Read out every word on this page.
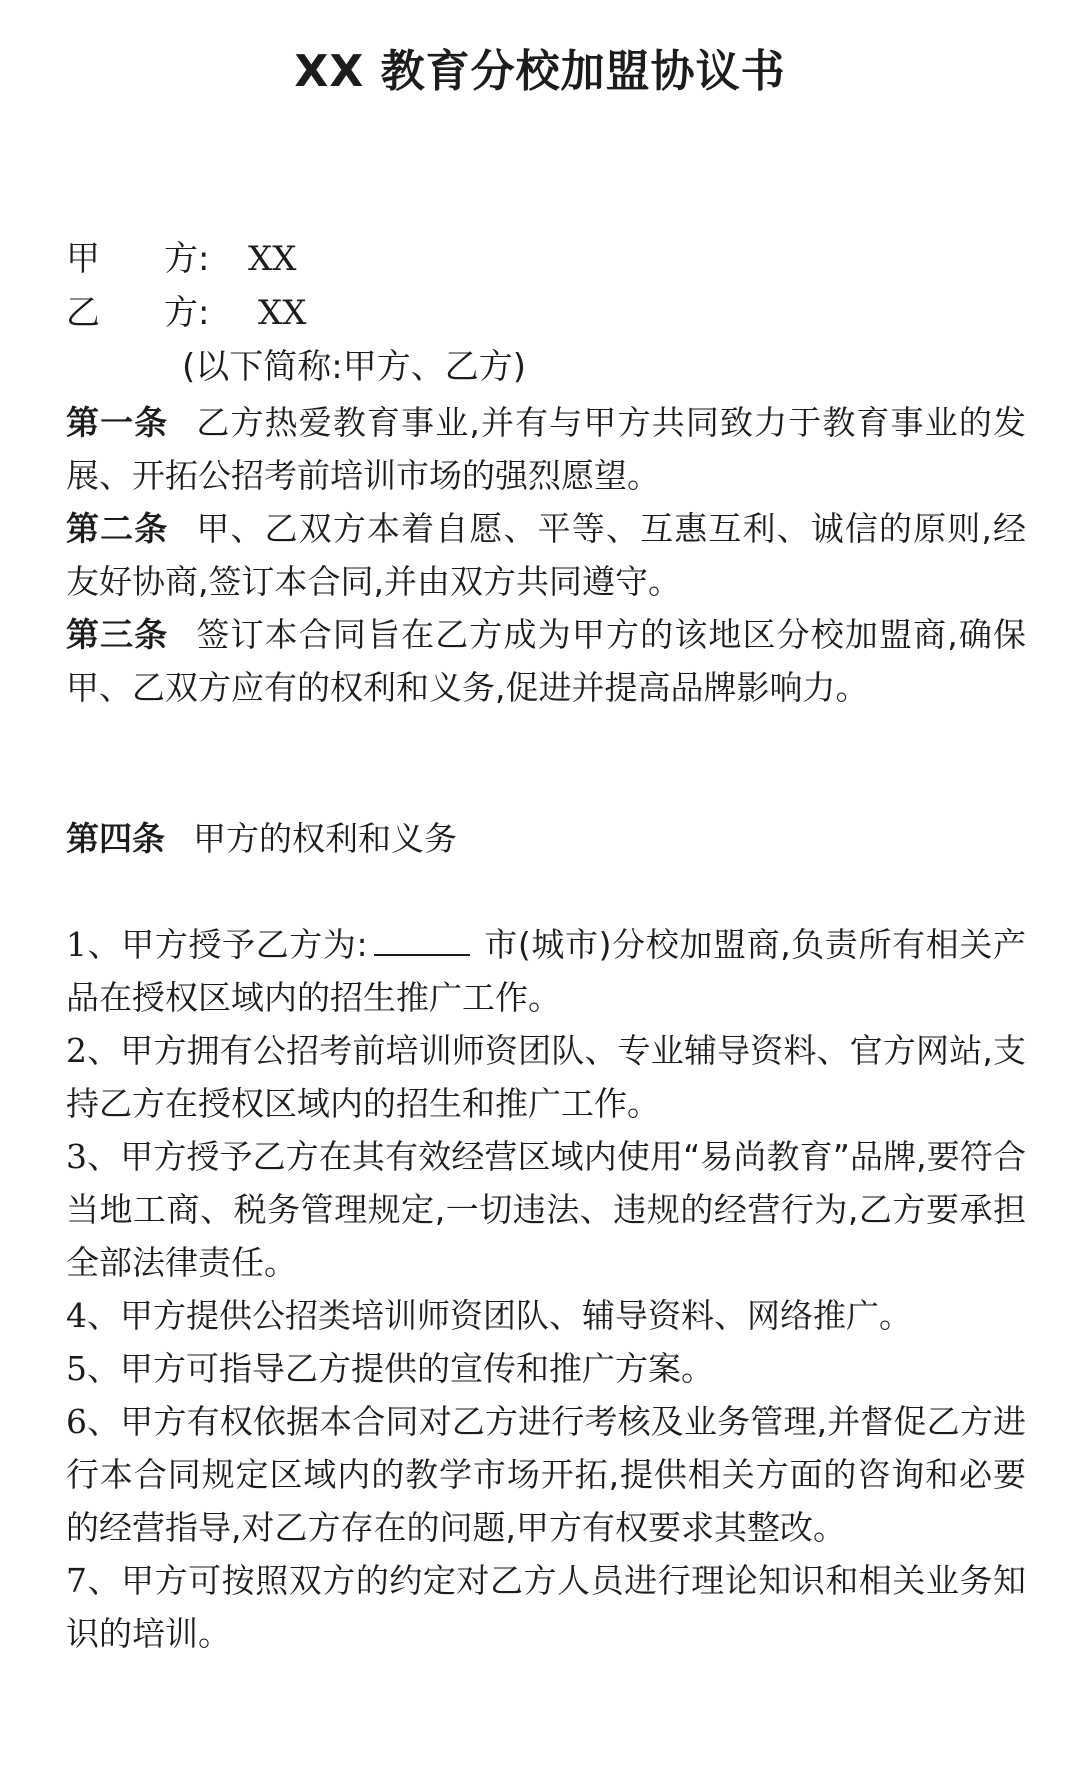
XX 教育分校加盟协议书
甲 方:	XX
乙 方:	XX
(以下简称:甲方、乙方)

第一条 乙方热爱教育事业,并有与甲方共同致力于教育事业的发展、开拓公招考前培训市场的强烈愿望。

第二条 甲、乙双方本着自愿、平等、互惠互利、诚信的原则,经友好协商,签订本合同,并由双方共同遵守。

第三条 签订本合同旨在乙方成为甲方的该地区分校加盟商,确保甲、乙双方应有的权利和义务,促进并提高品牌影响力。

第四条 甲方的权利和义务

1、甲方授予乙方为:	市(城市)分校加盟商,负责所有相关产品在授权区域内的招生推广工作。

2、甲方拥有公招考前培训师资团队、专业辅导资料、官方网站,支持乙方在授权区域内的招生和推广工作。

3、甲方授予乙方在其有效经营区域内使用“易尚教育”品牌,要符合当地工商、税务管理规定,一切违法、违规的经营行为,乙方要承担全部法律责任。

4、甲方提供公招类培训师资团队、辅导资料、网络推广。

5、甲方可指导乙方提供的宣传和推广方案。

6、甲方有权依据本合同对乙方进行考核及业务管理,并督促乙方进行本合同规定区域内的教学市场开拓,提供相关方面的咨询和必要的经营指导,对乙方存在的问题,甲方有权要求其整改。

7、甲方可按照双方的约定对乙方人员进行理论知识和相关业务知识的培训。
